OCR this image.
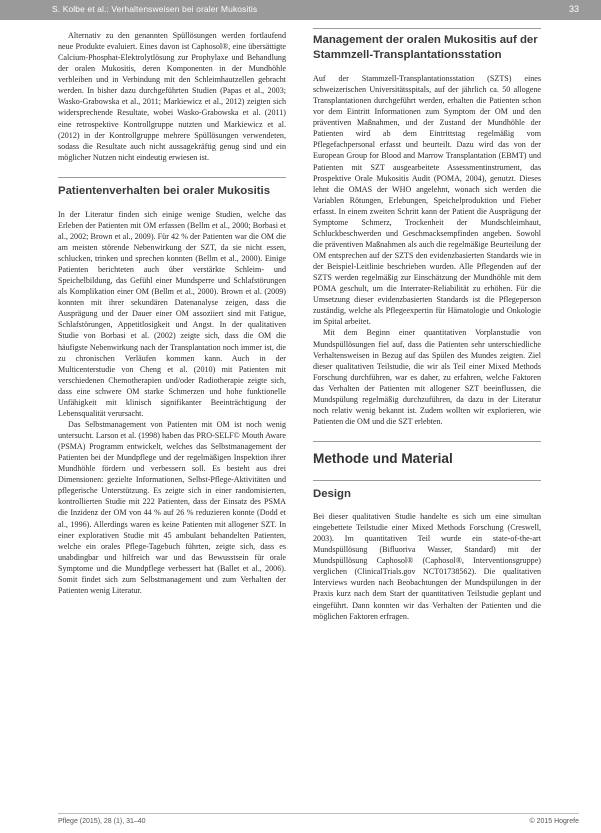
S. Kolbe et al.: Verhaltensweisen bei oraler Mukositis	33

Alternativ zu den genannten Spüllösungen werden fortlaufend neue Produkte evaluiert. Eines davon ist Caphosol®, eine übersättigte Calcium-Phosphat-Elektrolytlösung zur Prophylaxe und Behandlung der oralen Mukositis, deren Komponenten in der Mundhöhle verbleiben und in Verbindung mit den Schleimhautzellen gebracht werden. In bisher dazu durchgeführten Studien (Papas et al., 2003; Wasko-Grabowska et al., 2011; Markiewicz et al., 2012) zeigten sich widersprechende Resultate, wobei Wasko-Grabowska et al. (2011) eine retrospektive Kontrollgruppe nutzten und Markiewicz et al. (2012) in der Kontrollgruppe mehrere Spüllösungen verwendeten, sodass die Resultate auch nicht aussagekräftig genug sind und ein möglicher Nutzen nicht eindeutig erwiesen ist.

Patientenverhalten bei oraler Mukositis

In der Literatur finden sich einige wenige Studien, welche das Erleben der Patienten mit OM erfassen (Bellm et al., 2000; Borbasi et al., 2002; Brown et al., 2009). Für 42 % der Patienten war die OM die am meisten störende Nebenwirkung der SZT, da sie nicht essen, schlucken, trinken und sprechen konnten (Bellm et al., 2000). Einige Patienten berichteten auch über verstärkte Schleim- und Speichelbildung, das Gefühl einer Mundsperre und Schlafstörungen als Komplikation einer OM (Bellm et al., 2000). Brown et al. (2009) konnten mit ihrer sekundären Datenanalyse zeigen, dass die Ausprägung und der Dauer einer OM assoziiert sind mit Fatigue, Schlafstörungen, Appetitlosigkeit und Angst. In der qualitativen Studie von Borbasi et al. (2002) zeigte sich, dass die OM die häufigste Nebenwirkung nach der Transplantation noch immer ist, die zu chronischen Verläufen kommen kann. Auch in der Multicenterstudie von Cheng et al. (2010) mit Patienten mit verschiedenen Chemotherapien und/oder Radiotherapie zeigte sich, dass eine schwere OM starke Schmerzen und hohe funktionelle Unfähigkeit mit klinisch signifikanter Beeinträchtigung der Lebensqualität verursacht.

Das Selbstmanagement von Patienten mit OM ist noch wenig untersucht. Larson et al. (1998) haben das PRO-SELF© Mouth Aware (PSMA) Programm entwickelt, welches das Selbstmanagement der Patienten bei der Mundpflege und der regelmäßigen Inspektion ihrer Mundhöhle fördern und verbessern soll. Es besteht aus drei Dimensionen: gezielte Informationen, Selbst-Pflege-Aktivitäten und pflegerische Unterstützung. Es zeigte sich in einer randomisierten, kontrollierten Studie mit 222 Patienten, dass der Einsatz des PSMA die Inzidenz der OM von 44 % auf 26 % reduzieren konnte (Dodd et al., 1996). Allerdings waren es keine Patienten mit allogener SZT. In einer explorativen Studie mit 45 ambulant behandelten Patienten, welche ein orales Pflege-Tagebuch führten, zeigte sich, dass es unabdingbar und hilfreich war und das Bewusstsein für orale Symptome und die Mundpflege verbessert hat (Ballet et al., 2006). Somit findet sich zum Selbstmanagement und zum Verhalten der Patienten wenig Literatur.

Management der oralen Mukositis auf der Stammzell-Transplantationsstation

Auf der Stammzell-Transplantationsstation (SZTS) eines schweizerischen Universitätsspitals, auf der jährlich ca. 50 allogene Transplantationen durchgeführt werden, erhalten die Patienten schon vor dem Eintritt Informationen zum Symptom der OM und den präventiven Maßnahmen, und der Zustand der Mundhöhle der Patienten wird ab dem Eintrittstag regelmäßig vom Pflegefachpersonal erfasst und beurteilt. Dazu wird das von der European Group for Blood and Marrow Transplantation (EBMT) und Patienten mit SZT ausgearbeitete Assessmentinstrument, das Prospektive Orale Mukositis Audit (POMA, 2004), genutzt. Dieses lehnt die OMAS der WHO angelehnt, wonach sich werden die Variablen Rötungen, Erlebungen, Speichelproduktion und Fieber erfasst. In einem zweiten Schritt kann der Patient die Ausprägung der Symptome Schmerz, Trockenheit der Mundschleimhaut, Schluckbeschwerden und Geschmacksempfinden angeben. Sowohl die präventiven Maßnahmen als auch die regelmäßige Beurteilung der OM entsprechen auf der SZTS den evidenzbasierten Standards wie in der Beispiel-Leitlinie beschrieben wurden. Alle Pflegenden auf der SZTS werden regelmäßig zur Einschätzung der Mundhöhle mit dem POMA geschult, um die Interrater-Reliabilität zu erhöhen. Für die Umsetzung dieser evidenzbasierten Standards ist die Pflegeperson zuständig, welche als Pflegeexpertin für Hämatologie und Onkologie im Spital arbeitet.

Mit dem Beginn einer quantitativen Vorplanstudie von Mundspüllösungen fiel auf, dass die Patienten sehr unterschiedliche Verhaltensweisen in Bezug auf das Spülen des Mundes zeigten. Ziel dieser qualitativen Teilstudie, die wir als Teil einer Mixed Methods Forschung durchführen, war es daher, zu erfahren, welche Faktoren das Verhalten der Patienten mit allogener SZT beeinflussen, die Mundspülung regelmäßig durchzuführen, da dazu in der Literatur noch relativ wenig bekannt ist. Zudem wollten wir explorieren, wie Patienten die OM und die SZT erlebten.

Methode und Material
Design

Bei dieser qualitativen Studie handelte es sich um eine simultan eingebettete Teilstudie einer Mixed Methods Forschung (Creswell, 2003). Im quantitativen Teil wurde ein state-of-the-art Mundspüllösung (Bifluoriva Wasser, Standard) mit der Mundspüllösung Caphosol® (Caphosol®, Interventionsgruppe) verglichen (ClinicalTrials.gov NCT01738562). Die qualitativen Interviews wurden nach Beobachtungen der Mundspülungen in der Praxis kurz nach dem Start der quantitativen Teilstudie geplant und eingeführt. Dann konnten wir das Verhalten der Patienten und die möglichen Faktoren erfragen.

Pflege (2015), 28 (1), 31–40	© 2015 Hogrefe
